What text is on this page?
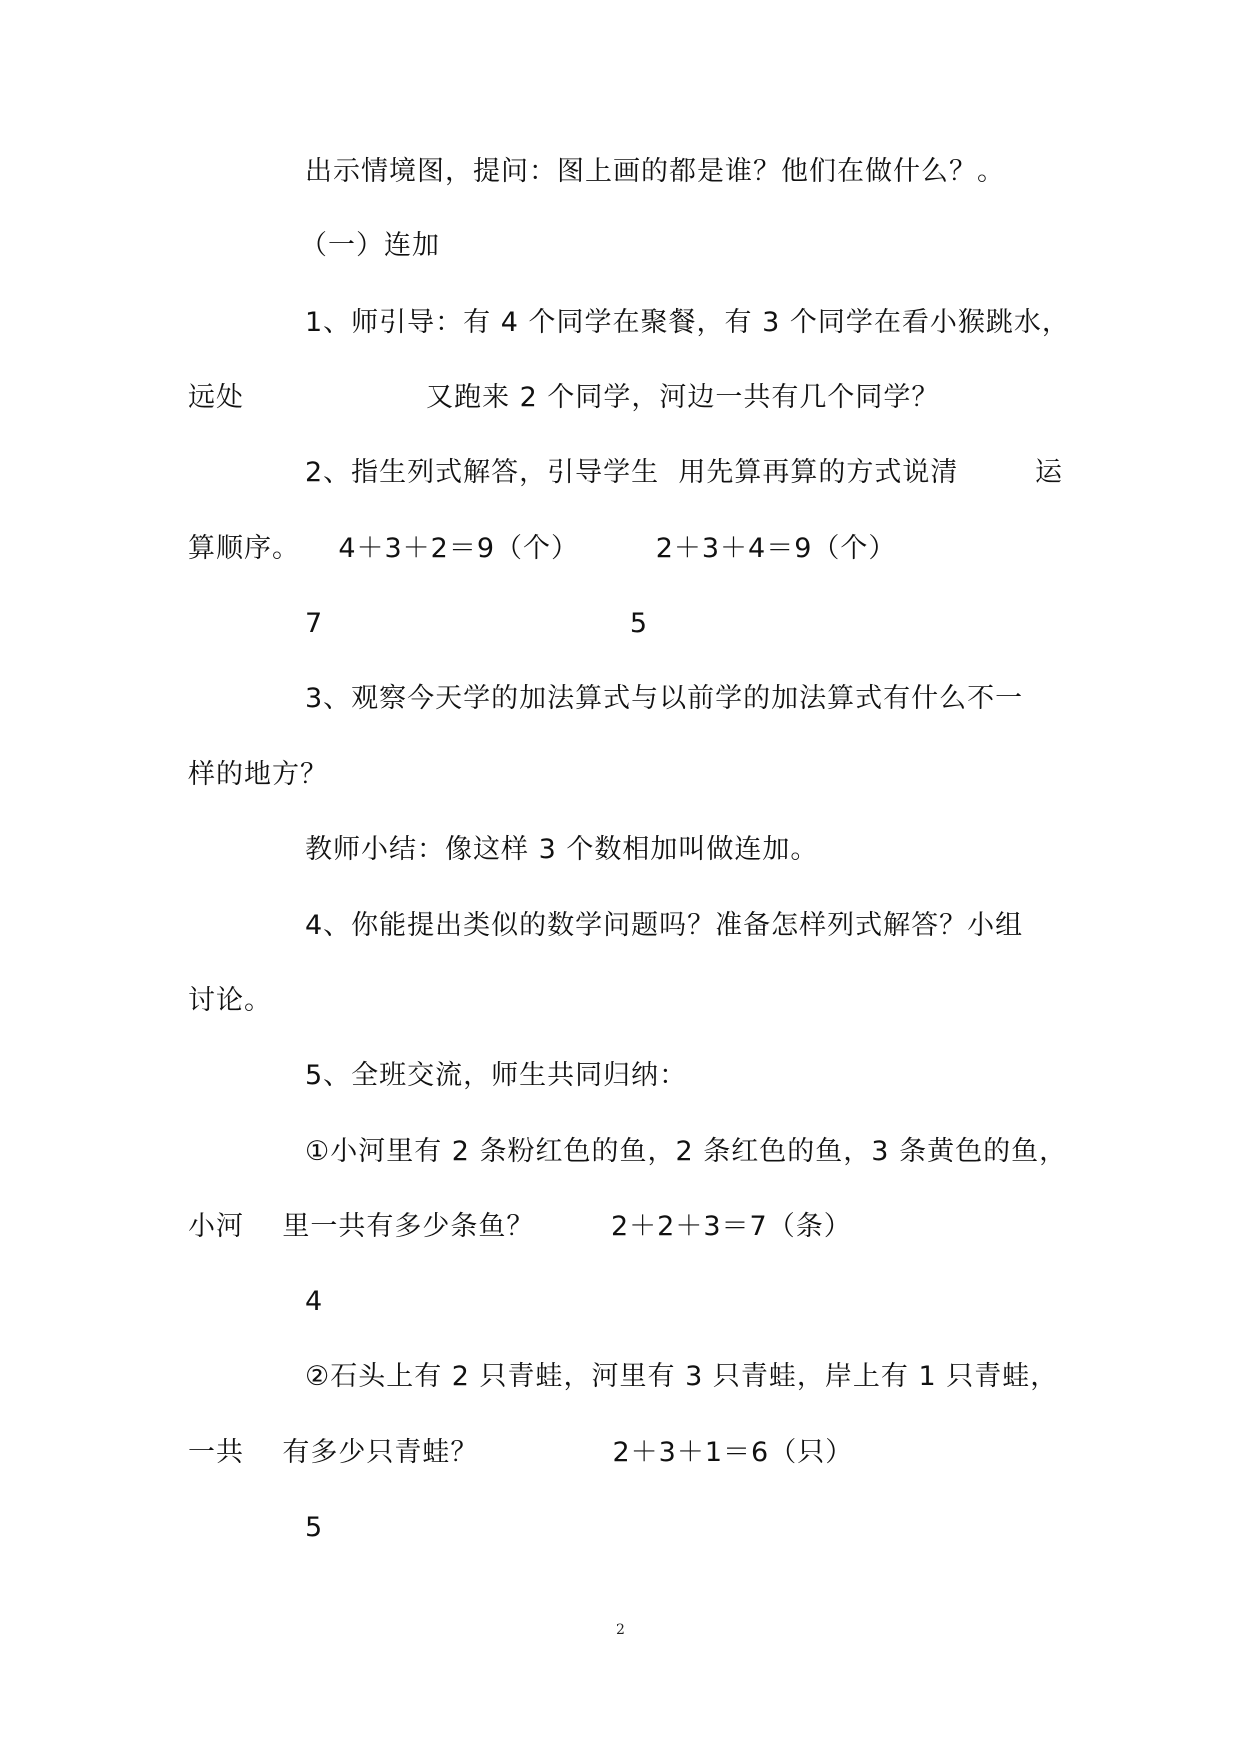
出示情境图，提问：图上画的都是谁？他们在做什么？。
（一）连加
1、师引导：有 4 个同学在聚餐，有 3 个同学在看小猴跳水，
远处                   又跑来 2 个同学，河边一共有几个同学？
2、指生列式解答，引导学生  用先算再算的方式说清        运
算顺序。    4＋3＋2＝9（个）        2＋3＋4＝9（个）
7                                5
3、观察今天学的加法算式与以前学的加法算式有什么不一
样的地方？
教师小结：像这样 3 个数相加叫做连加。
4、你能提出类似的数学问题吗？准备怎样列式解答？小组
讨论。
5、全班交流，师生共同归纳：
①小河里有 2 条粉红色的鱼，2 条红色的鱼，3 条黄色的鱼，
小河    里一共有多少条鱼？        2＋2＋3＝7（条）
4
②石头上有 2 只青蛙，河里有 3 只青蛙，岸上有 1 只青蛙，
一共    有多少只青蛙？              2＋3＋1＝6（只）
5
2
